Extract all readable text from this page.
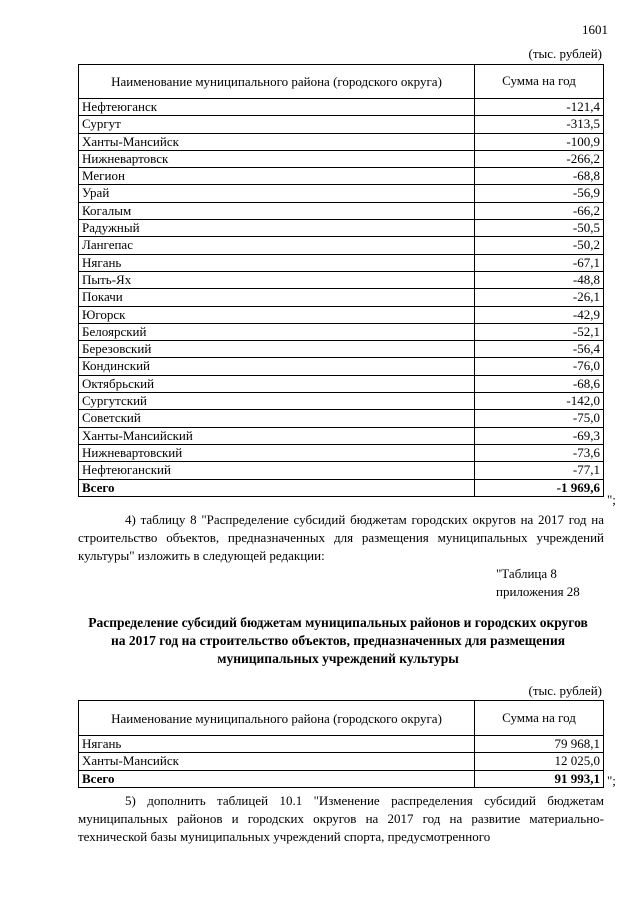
1601
(тыс. рублей)
Наименование муниципального района (городского округа)	Сумма на год
Нефтеюганск	-121,4
Сургут	-313,5
Ханты-Мансийск	-100,9
Нижневартовск	-266,2
Мегион	-68,8
Урай	-56,9
Когалым	-66,2
Радужный	-50,5
Лангепас	-50,2
Нягань	-67,1
Пыть-Ях	-48,8
Покачи	-26,1
Югорск	-42,9
Белоярский	-52,1
Березовский	-56,4
Кондинский	-76,0
Октябрьский	-68,6
Сургутский	-142,0
Советский	-75,0
Ханты-Мансийский	-69,3
Нижневартовский	-73,6
Нефтеюганский	-77,1
Всего	-1 969,6
";
4) таблицу 8 "Распределение субсидий бюджетам городских округов на 2017 год на строительство объектов, предназначенных для размещения муниципальных учреждений культуры" изложить в следующей редакции:
"Таблица 8
приложения 28
Распределение субсидий бюджетам муниципальных районов и городских округов на 2017 год на строительство объектов, предназначенных для размещения муниципальных учреждений культуры
(тыс. рублей)
Наименование муниципального района (городского округа)	Сумма на год
Нягань	79 968,1
Ханты-Мансийск	12 025,0
Всего	91 993,1 ";
5) дополнить таблицей 10.1 "Изменение распределения субсидий бюджетам муниципальных районов и городских округов на 2017 год на развитие материально-технической базы муниципальных учреждений спорта, предусмотренного
